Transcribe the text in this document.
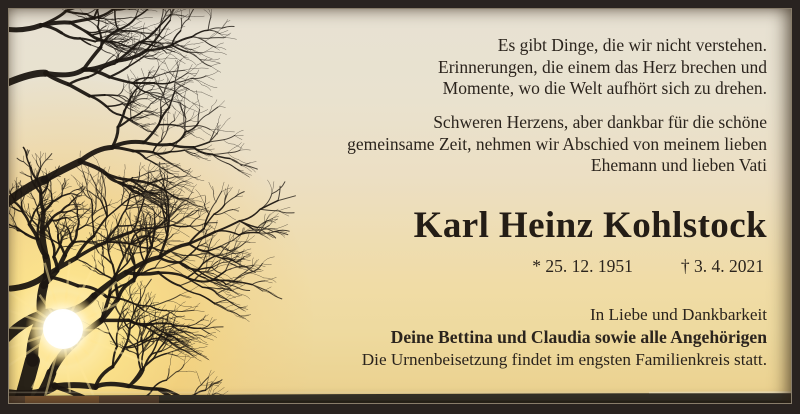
Es gibt Dinge, die wir nicht verstehen.
Erinnerungen, die einem das Herz brechen und
Momente, wo die Welt aufhört sich zu drehen.
Schweren Herzens, aber dankbar für die schöne
gemeinsame Zeit, nehmen wir Abschied von meinem lieben
Ehemann und lieben Vati
Karl Heinz Kohlstock
* 25. 12. 1951	† 3. 4. 2021
In Liebe und Dankbarkeit
Deine Bettina und Claudia sowie alle Angehörigen
Die Urnenbeisetzung findet im engsten Familienkreis statt.
